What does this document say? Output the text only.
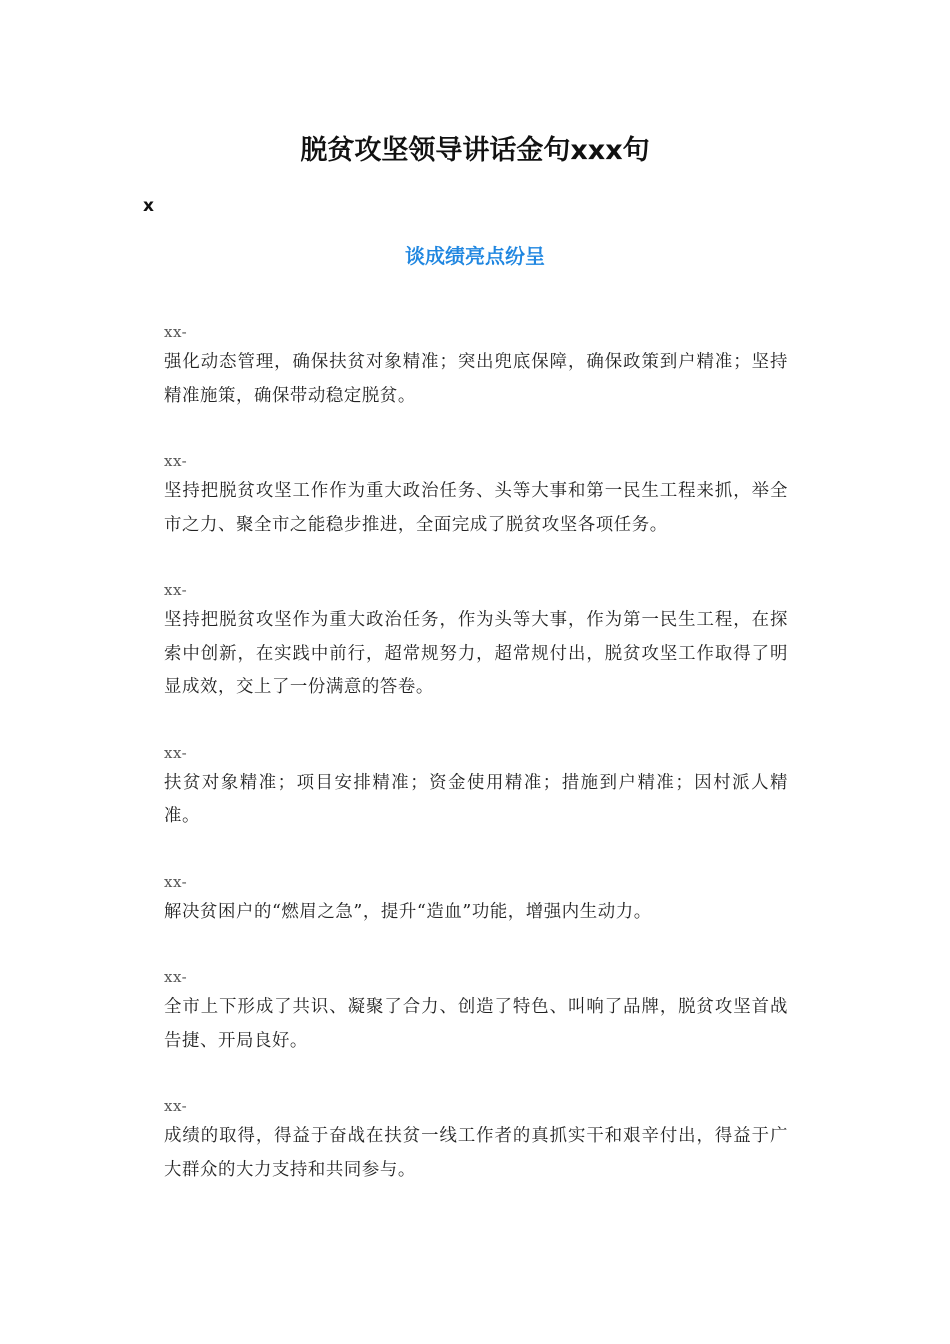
脱贫攻坚领导讲话金句xxx句

x

谈成绩亮点纷呈
xx-
强化动态管理，确保扶贫对象精准；突出兜底保障，确保政策到户精准；坚持精准施策，确保带动稳定脱贫。
xx-
坚持把脱贫攻坚工作作为重大政治任务、头等大事和第一民生工程来抓，举全市之力、聚全市之能稳步推进，全面完成了脱贫攻坚各项任务。
xx-
坚持把脱贫攻坚作为重大政治任务，作为头等大事，作为第一民生工程，在探索中创新，在实践中前行，超常规努力，超常规付出，脱贫攻坚工作取得了明显成效，交上了一份满意的答卷。
xx-
扶贫对象精准；项目安排精准；资金使用精准；措施到户精准；因村派人精准。
xx-
解决贫困户的“燃眉之急”，提升“造血”功能，增强内生动力。
xx-
全市上下形成了共识、凝聚了合力、创造了特色、叫响了品牌，脱贫攻坚首战告捷、开局良好。
xx-
成绩的取得，得益于奋战在扶贫一线工作者的真抓实干和艰辛付出，得益于广大群众的大力支持和共同参与。
